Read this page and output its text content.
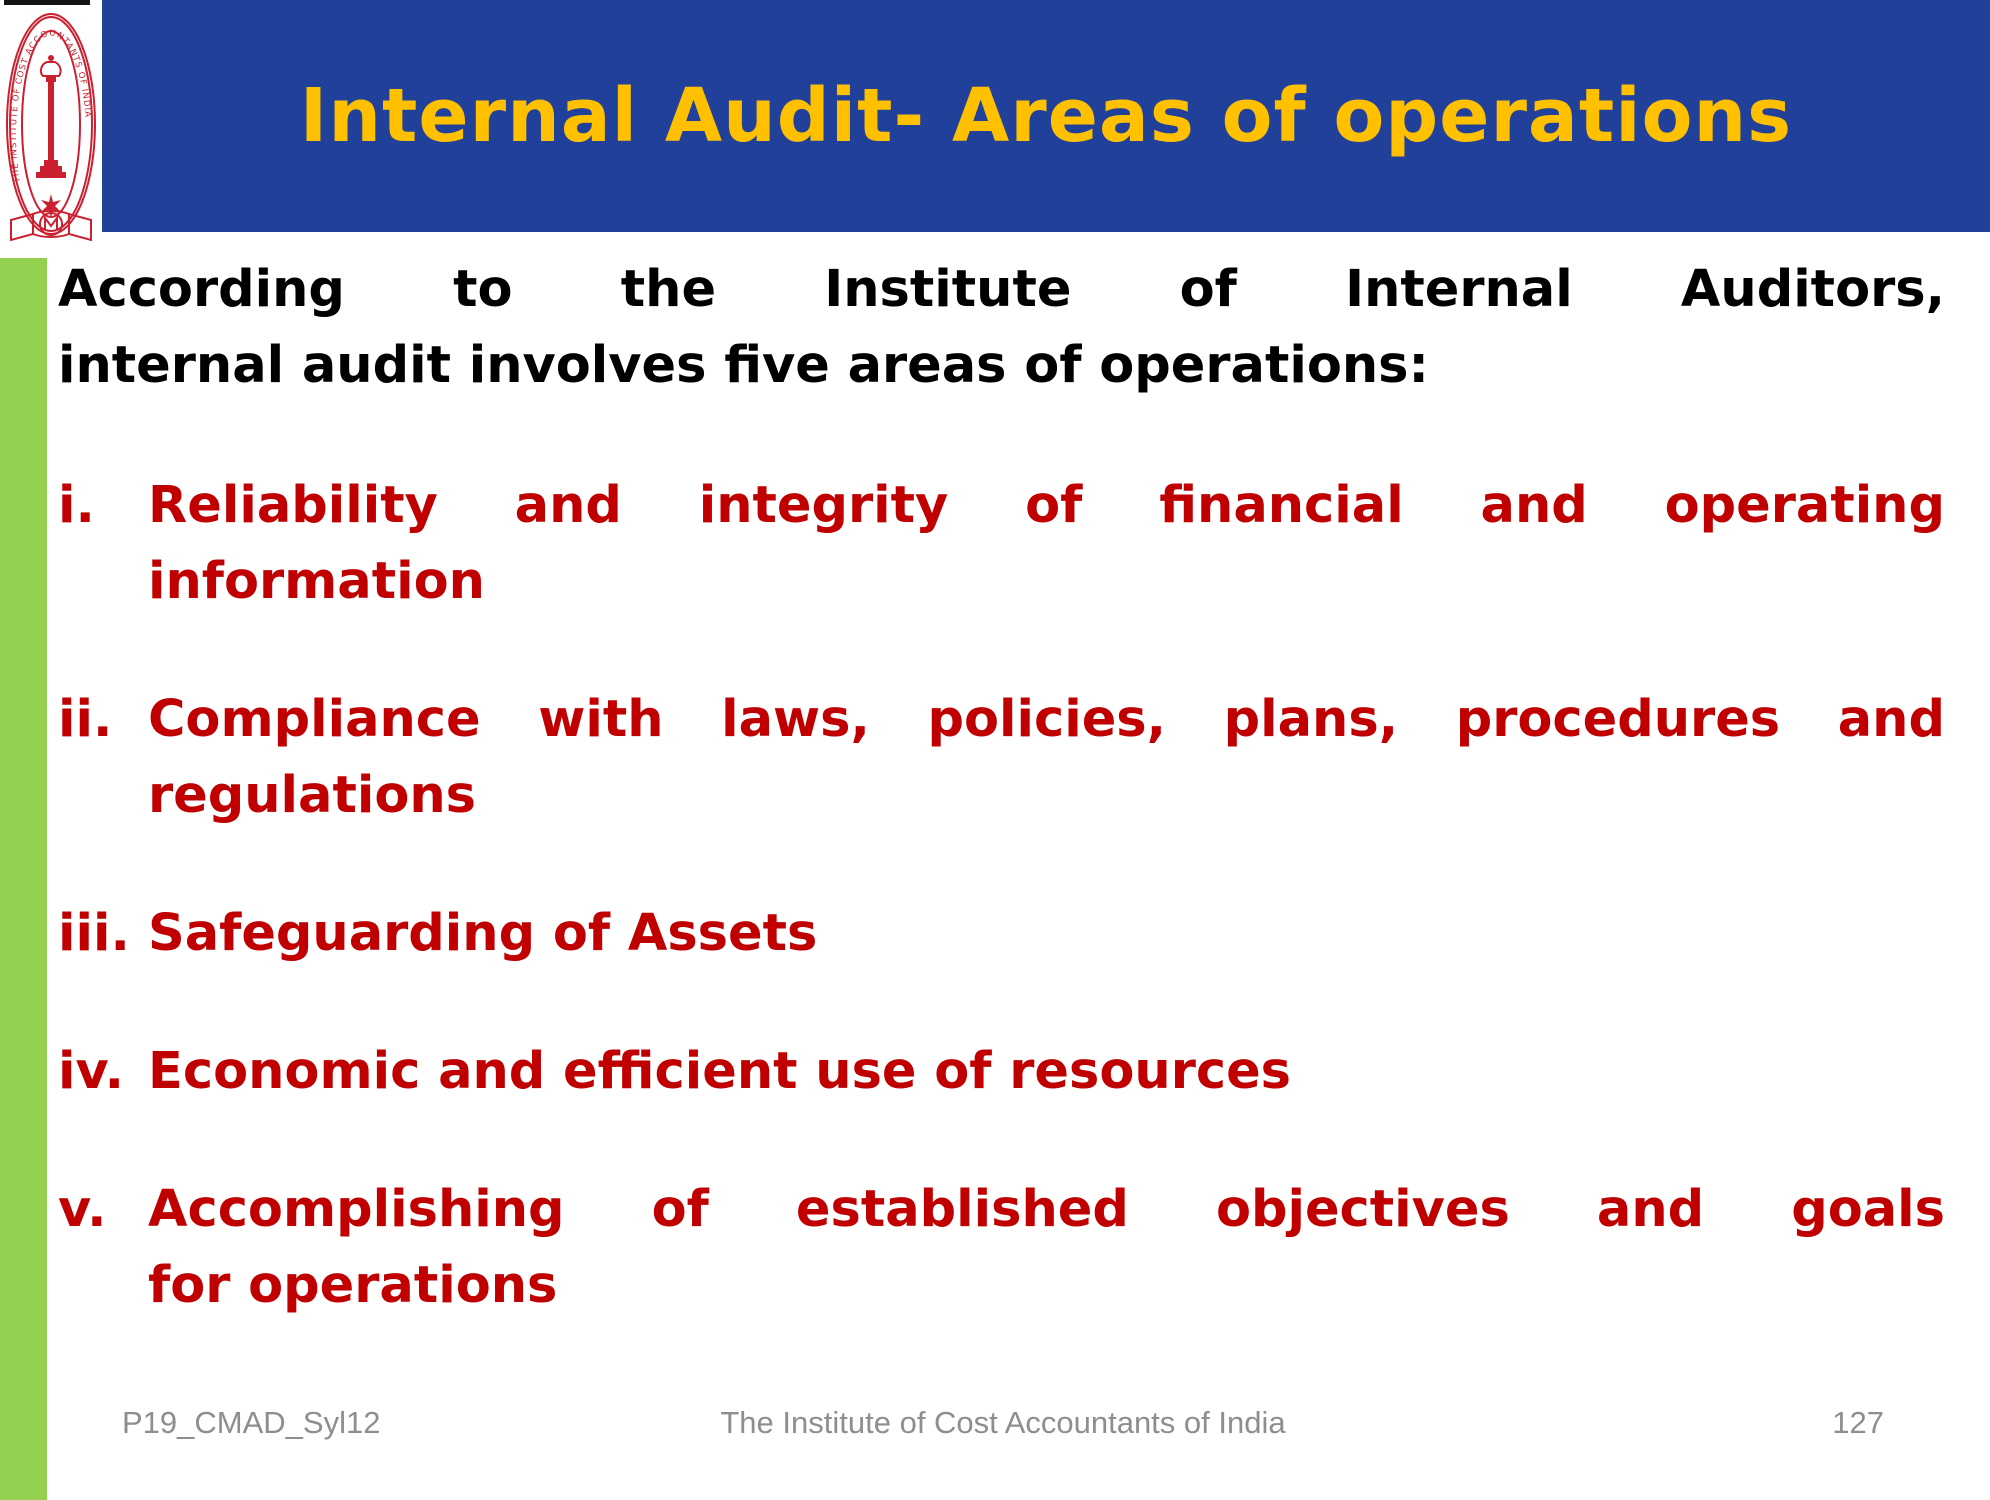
Internal Audit- Areas of operations
THE INSTITUTE OF COST ACCOUNTANTS OF INDIA

According to the Institute of Internal Auditors,
internal audit involves five areas of operations:

i.	Reliability and integrity of financial and operating
information
ii. Compliance with laws, policies, plans, procedures and
regulations
iii. Safeguarding of Assets
iv. Economic and efficient use of resources
v. Accomplishing of established objectives and goals
for operations
P19_CMAD_Syl12	The Institute of Cost Accountants of India	127
